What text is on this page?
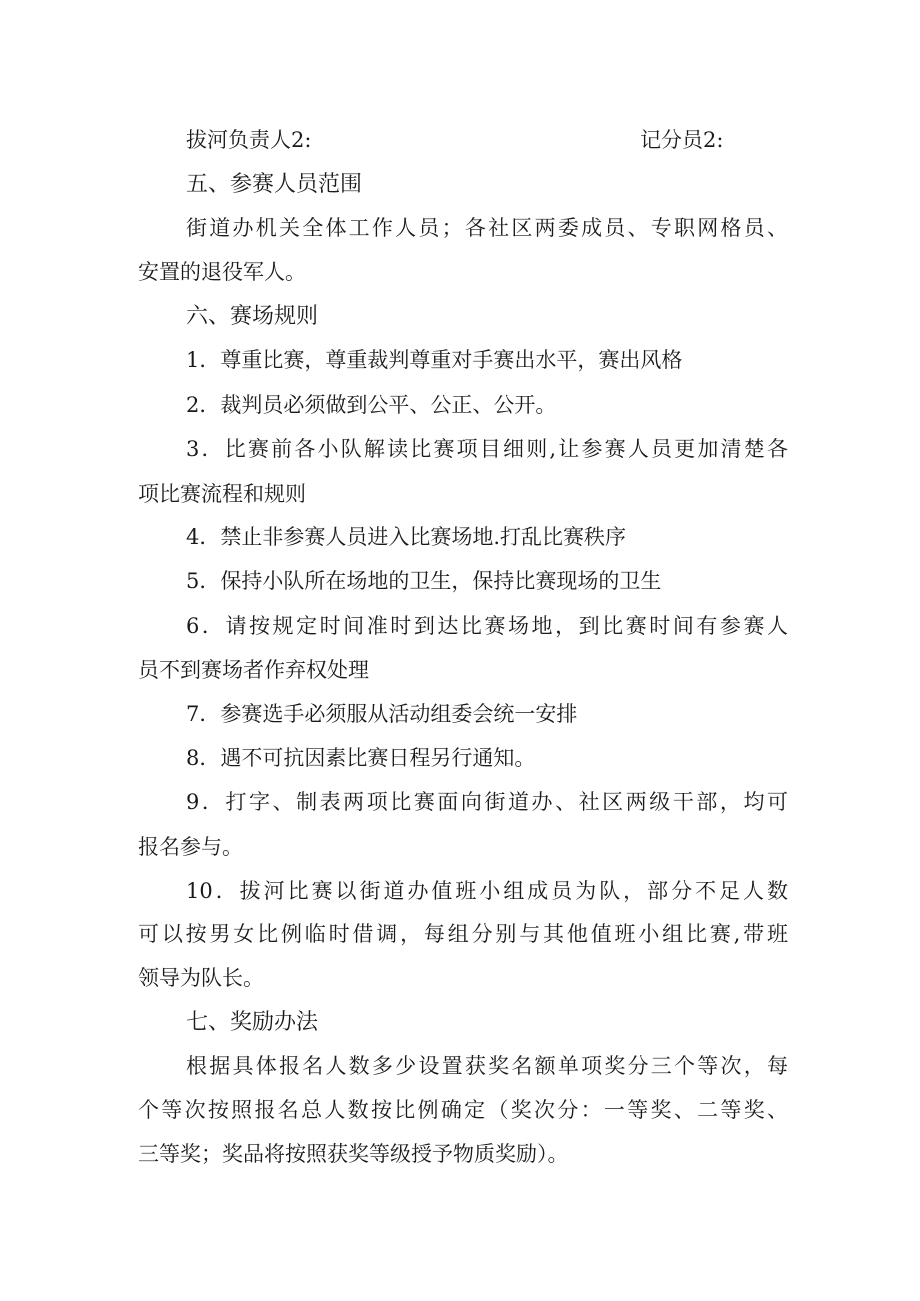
拔河负责人2:	记分员2:
五、参赛人员范围
街道办机关全体工作人员；各社区两委成员、专职网格员、
安置的退役军人。
六、赛场规则
1．尊重比赛，尊重裁判尊重对手赛出水平，赛出风格
2．裁判员必须做到公平、公正、公开。
3．比赛前各小队解读比赛项目细则,让参赛人员更加清楚各
项比赛流程和规则
4．禁止非参赛人员进入比赛场地.打乱比赛秩序
5．保持小队所在场地的卫生，保持比赛现场的卫生
6．请按规定时间准时到达比赛场地，到比赛时间有参赛人
员不到赛场者作弃权处理
7．参赛选手必须服从活动组委会统一安排
8．遇不可抗因素比赛日程另行通知。
9．打字、制表两项比赛面向街道办、社区两级干部，均可
报名参与。
10．拔河比赛以街道办值班小组成员为队，部分不足人数
可以按男女比例临时借调，每组分别与其他值班小组比赛,带班
领导为队长。
七、奖励办法
根据具体报名人数多少设置获奖名额单项奖分三个等次，每
个等次按照报名总人数按比例确定（奖次分：一等奖、二等奖、
三等奖；奖品将按照获奖等级授予物质奖励）。
